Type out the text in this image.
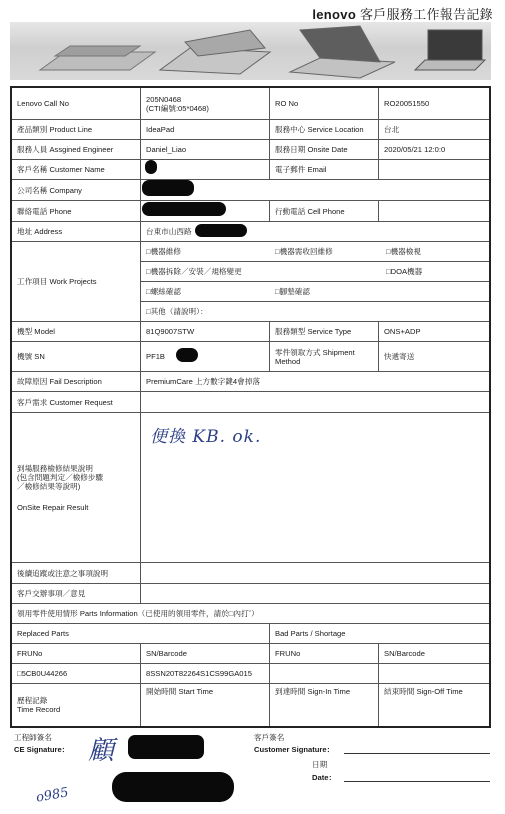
lenovo 客戶服務工作報告記錄
Lenovo Call No	205N0468
(CTI編號:05*0468)	RO No	RO20051550
產品類別 Product Line	IdeaPad	服務中心 Service Location	台北
服務人員 Assgined Engineer	Daniel_Liao	服務日期 Onsite Date	2020/05/21 12:0:0
客戶名稱 Customer Name	電子郵件 Email
公司名稱 Company
聯絡電話 Phone	行動電話 Cell Phone
地址 Address	台東市山西路
工作項目 Work Projects
□機器維修	□機器需收回維修	□機器檢視
□機器拆除／安裝／規格變更	□DOA機器
□螺絲確認	□腳墊確認
□其他（請說明）：
機型 Model	81Q9007STW	服務類型 Service Type	ONS+ADP
機號 SN	PF1B	零件領取方式 Shipment Method	快遞寄送
故障原因 Fail Description	PremiumCare 上方數字鍵4會掉落
客戶需求 Customer Request
到場服務檢修結果說明
(包含問題判定／檢修步驟
／檢修結果等說明)
OnSite Repair Result
後續追蹤或注意之事項說明
客戶交辦事項／意見
領用零件使用情形 Parts Information（已使用的領用零件，請於□內打ˇ）
Replaced Parts	Bad Parts / Shortage
FRUNo	SN/Barcode	FRUNo	SN/Barcode
□5CB0U44266	8SSN20T82264S1CS99GA015
歷程記錄
Time Record
開始時間 Start Time	到達時間 Sign-In Time	結束時間 Sign-Off Time
便換 KB. ok.
工程師簽名
CE Signature： 顧
o985
客戶簽名
Customer Signature：
日期
Date：
